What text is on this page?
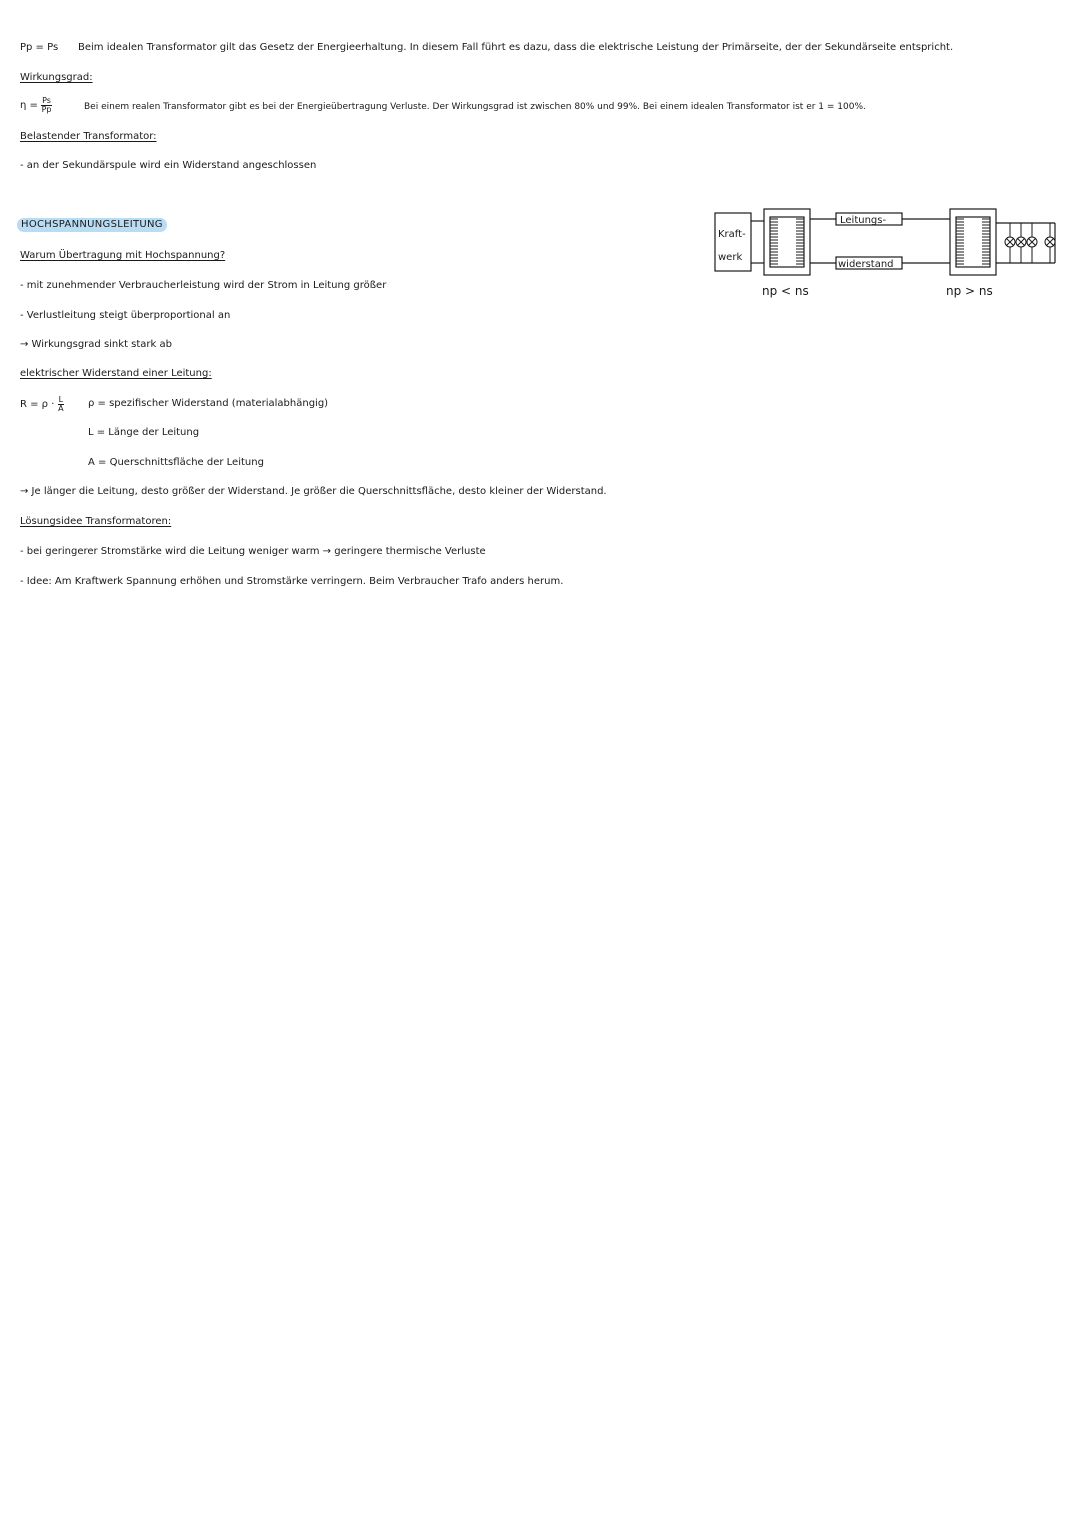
Pp = Ps Beim idealen Transformator gilt das Gesetz der Energieerhaltung. In diesem Fall führt es dazu, dass die elektrische Leistung der Primärseite, der der Sekundärseite entspricht.
Wirkungsgrad:
$\eta = \frac{Ps}{Pp}$	Bei einem realen Transformator gibt es bei der Energieübertragung Verluste. Der Wirkungsgrad ist zwischen 80% und 99%. Bei einem idealen Transformator ist er 1 = 100%.
Belastender Transformator:
- an der Sekundärspule wird ein Widerstand angeschlossen
HOCHSPANNUNGSLEITUNG
Warum Übertragung mit Hochspannung?
- mit zunehmender Verbraucherleistung wird der Strom in Leitung größer
- Verlustleitung steigt überproportional an
→ Wirkungsgrad sinkt stark ab
elektrischer Widerstand einer Leitung:
$R = \rho \cdot \frac{L}{A}$ ρ = spezifischer Widerstand (materialabhängig)
L = Länge der Leitung
A = Querschnittsfläche der Leitung
→ Je länger die Leitung, desto größer der Widerstand. Je größer die Querschnittsfläche, desto kleiner der Widerstand.
Lösungsidee Transformatoren:
- bei geringerer Stromstärke wird die Leitung weniger warm → geringere thermische Verluste
- Idee: Am Kraftwerk Spannung erhöhen und Stromstärke verringern. Beim Verbraucher Trafo anders herum.
Kraft-
werk
Leitungs-
widerstand
np < ns	np > ns
